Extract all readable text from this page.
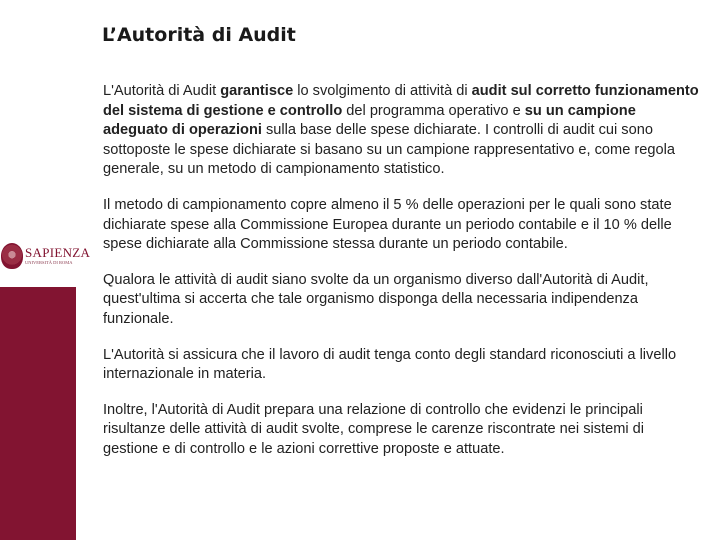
SAPIENZA
UNIVERSITÀ DI ROMA
L’Autorità di Audit

L'Autorità di Audit garantisce lo svolgimento di attività di audit sul corretto funzionamento del sistema di gestione e controllo del programma operativo e su un campione adeguato di operazioni sulla base delle spese dichiarate. I controlli di audit cui sono sottoposte le spese dichiarate si basano su un campione rappresentativo e, come regola generale, su un metodo di campionamento statistico.

Il metodo di campionamento copre almeno il 5 % delle operazioni per le quali sono state dichiarate spese alla Commissione Europea durante un periodo contabile e il 10 % delle spese dichiarate alla Commissione stessa durante un periodo contabile.

Qualora le attività di audit siano svolte da un organismo diverso dall'Autorità di Audit, quest'ultima si accerta che tale organismo disponga della necessaria indipendenza funzionale.

L'Autorità si assicura che il lavoro di audit tenga conto degli standard riconosciuti a livello internazionale in materia.

Inoltre, l'Autorità di Audit prepara una relazione di controllo che evidenzi le principali risultanze delle attività di audit svolte, comprese le carenze riscontrate nei sistemi di gestione e di controllo e le azioni correttive proposte e attuate.
